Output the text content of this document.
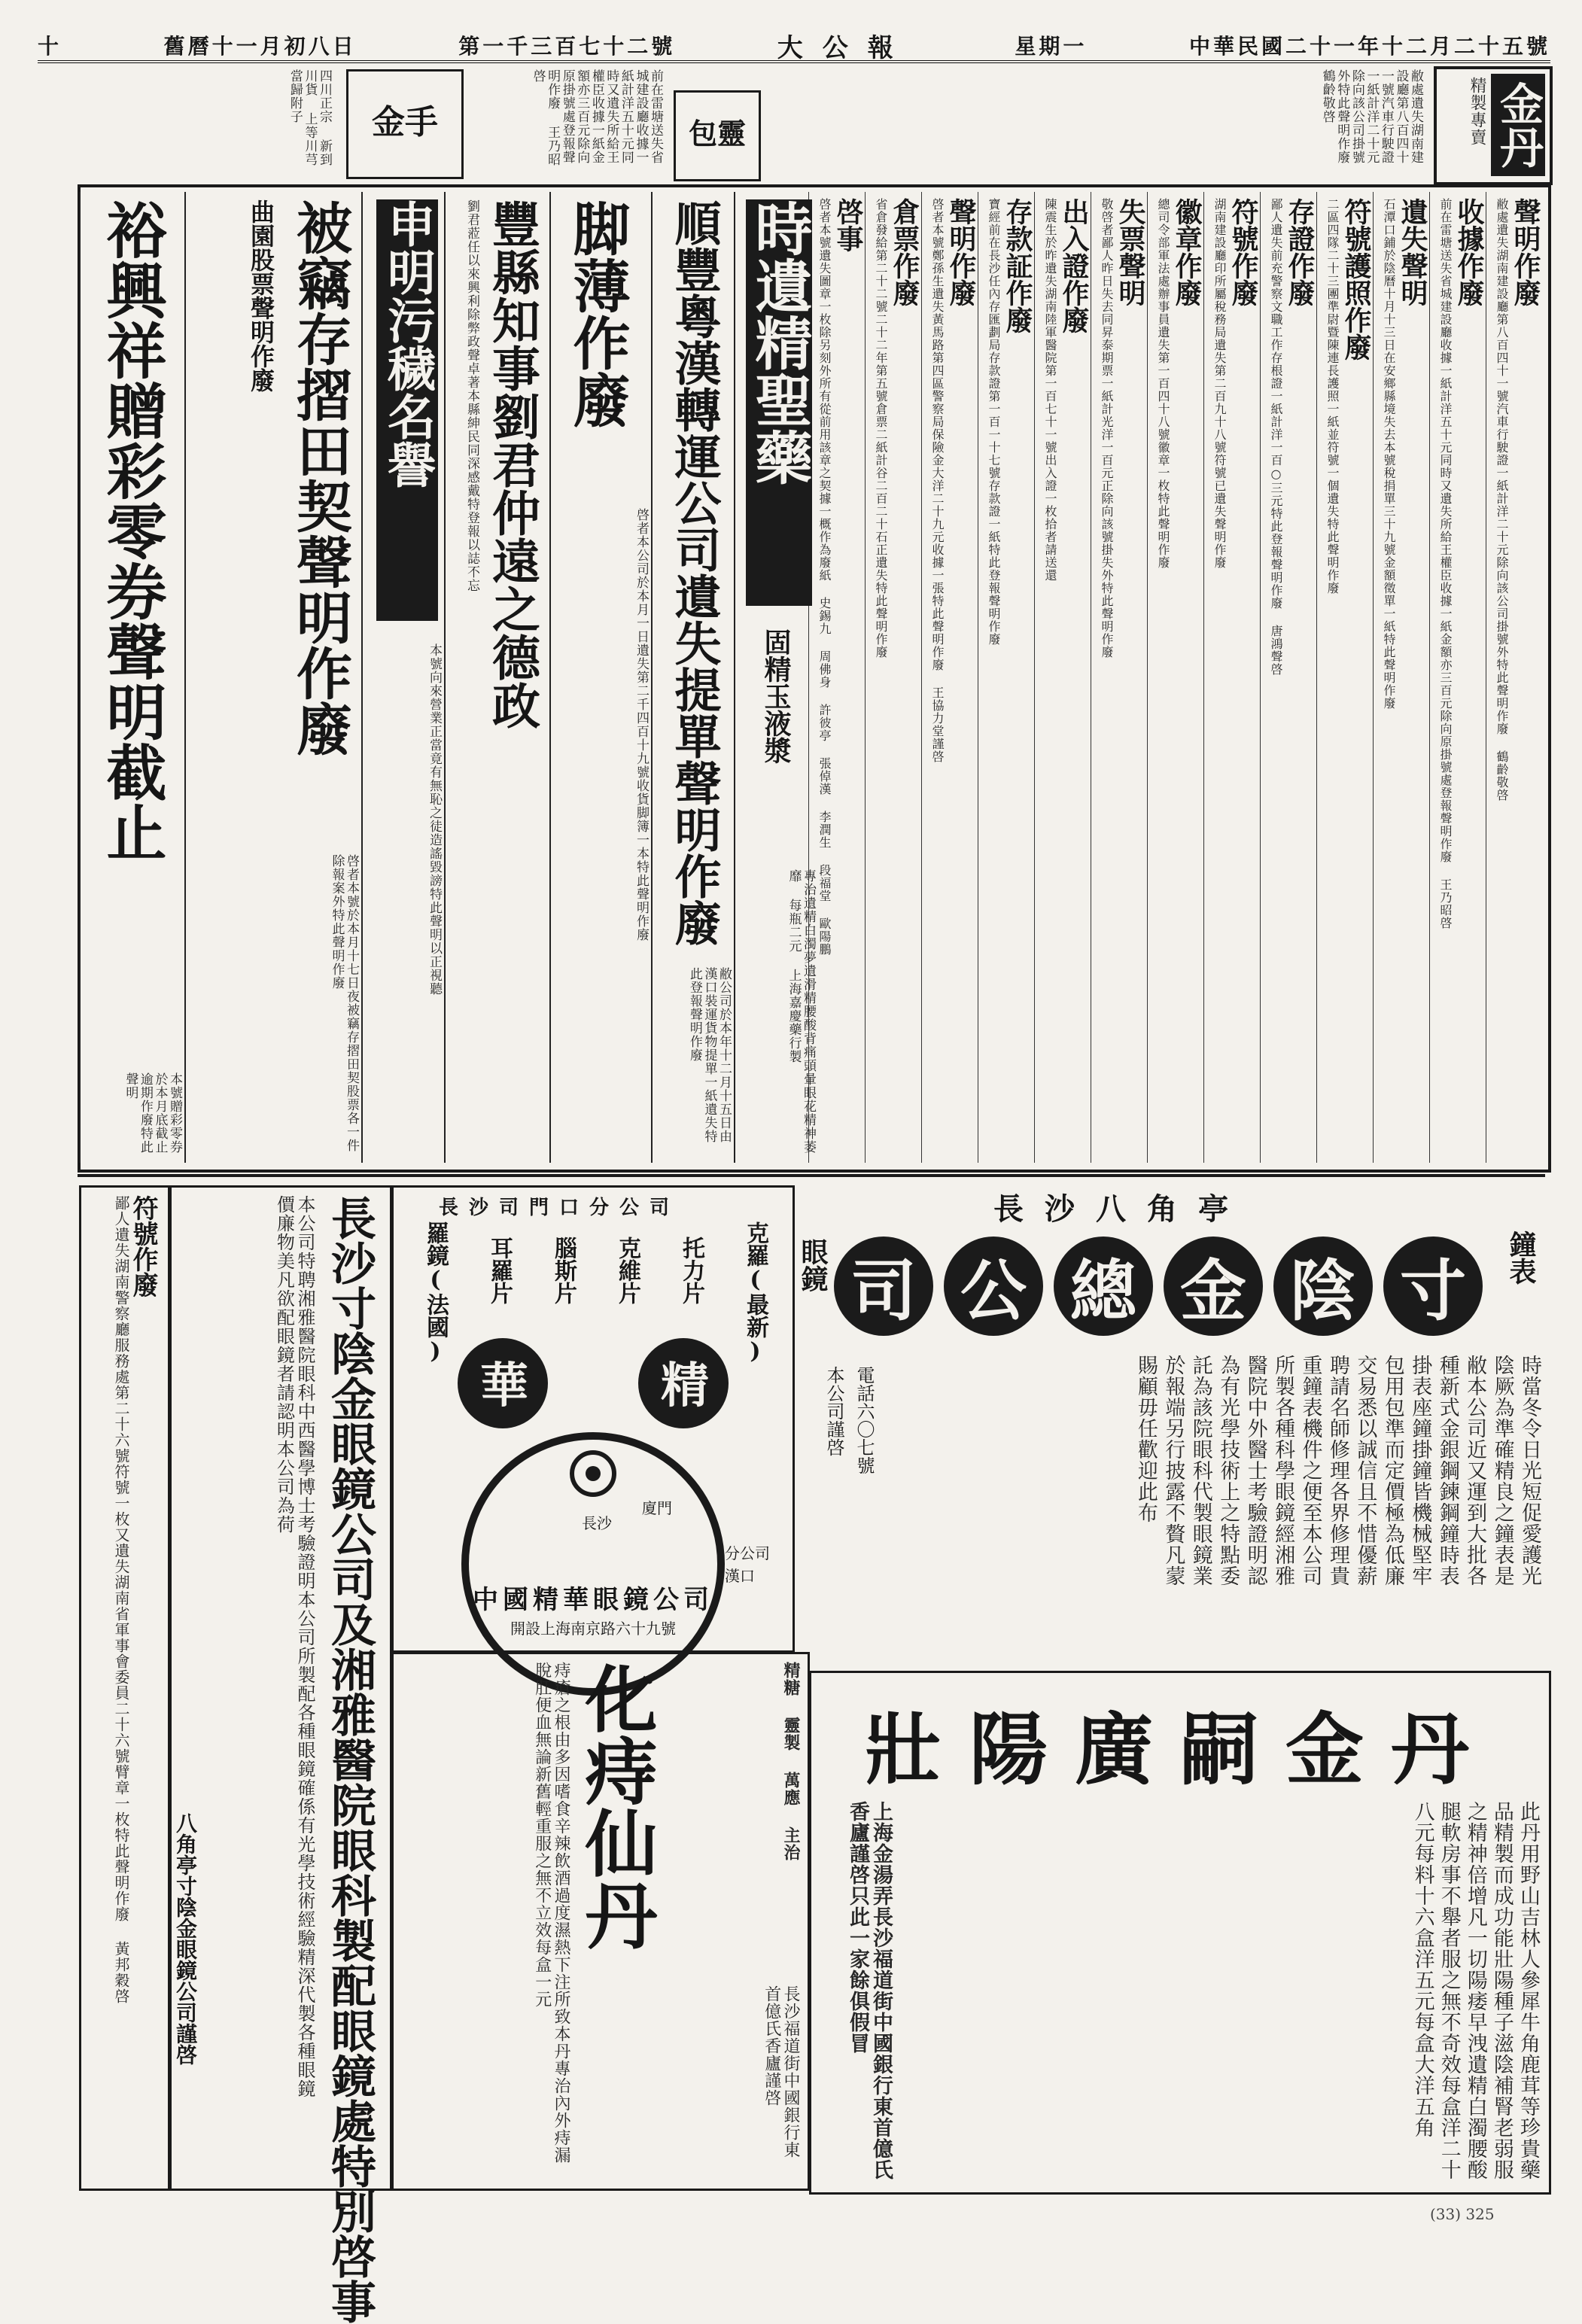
十	舊曆十一月初八日	第一千三百七十二號	大公報	星期一	中華民國二十一年十二月二十五號
金丹
精製專賣
敝處遺失湖南建設廳第八百四十一號汽車行駛證一紙計洋二十元除向該公司掛號外特此聲明作廢 鶴齡敬啓
包靈
前在雷塘送失省城建設廳收據一紙計洋五十元同時又遺失所給王權臣收據一紙金額亦三百元除向原掛號處登報聲明作廢 王乃昭啓
金手
四川正宗 新到川貨 上等川芎當歸附子
聲明作廢
敝處遺失湖南建設廳第八百四十一號汽車行駛證一紙計洋二十元除向該公司掛號外特此聲明作廢 鶴齡敬啓
收據作廢
前在雷塘送失省城建設廳收據一紙計洋五十元同時又遺失所給王權臣收據一紙金額亦三百元除向原掛號處登報聲明作廢 王乃昭啓
遺失聲明
石潭口鋪於陰曆十月十三日在安鄉縣境失去本號稅捐單三十九號金額徵單一紙特此聲明作廢
符號護照作廢
二區四隊二十三團準尉暨陳連長護照一紙並符號一個遺失特此聲明作廢
存證作廢
鄙人遺失前充警察文職工作存根證一紙計洋一百○三元特此登報聲明作廢 唐鴻聲啓
符號作廢
湖南建設廳印所屬稅務局遺失第二百九十八號符號已遺失聲明作廢
徽章作廢
總司令部軍法處辦事員遺失第一百四十八號徽章一枚特此聲明作廢
失票聲明
敬啓者鄙人昨日失去同昇泰期票一紙計光洋一百元正除向該號掛失外特此聲明作廢
出入證作廢
陳震生於昨遺失湖南陸軍醫院第一百七十一號出入證一枚拾者請送還
存款証作廢
寶經前在長沙任內存匯劃局存款證第一百一十七號存款證一紙特此登報聲明作廢
聲明作廢
啓者本號鄭孫生遺失黃馬路第四區警察局保險金大洋二十九元收據一張特此聲明作廢 王協力堂謹啓
倉票作廢
省倉發給第二十二號二十二年第五號倉票二紙計谷二百二十石正遺失特此聲明作廢
啓事
啓者本號遺失圖章一枚除另刻外所有從前用該章之契據一概作為廢紙 史錫九 周佛身 許彼亭 張倬漢 李潤生 段福堂 歐陽鵬
時遺精聖藥
固精玉液漿
專治遺精白濁夢遺滑精腰酸背痛頭暈眼花精神萎靡 每瓶二元 上海嘉慶藥行製
順豐粵漢轉運公司遺失提單聲明作廢
敝公司於本年十二月十五日由漢口裝運貨物提單一紙遺失特此登報聲明作廢
脚薄作廢
啓者本公司於本月一日遺失第二千四百十九號收貨脚簿一本特此聲明作廢
豐縣知事劉君仲遠之德政
劉君蒞任以來興利除弊政聲卓著本縣紳民同深感戴特登報以誌不忘
申明污穢名譽
本號向來營業正當竟有無恥之徒造謠毀謗特此聲明以正視聽
被竊存摺田契聲明作廢
曲園股票聲明作廢
啓者本號於本月十七日夜被竊存摺田契股票各一件除報案外特此聲明作廢
裕興祥贈彩零券聲明截止
本號贈彩零券於本月底截止逾期作廢特此聲明
長沙八角亭
鐘表
眼鏡	寸
陰
金
總
公
司
時當冬令日光短促愛護光陰厥為準確精良之鐘表是敝本公司近又運到大批各種新式金銀鋼鍊鋼鐘時表掛表座鐘掛鐘皆機械堅牢包用包準而定價極為低廉交易悉以誠信且不惜優薪聘請名師修理各界修理貴重鐘表機件之便至本公司所製各種科學眼鏡經湘雅醫院中外醫士考驗證明認為有光學技術上之特點委託為該院眼科代製眼鏡業於報端另行披露不贅凡蒙賜顧毋任歡迎此布
電話六〇七號
本公司謹啓
壯陽廣嗣金丹
此丹用野山吉林人參犀牛角鹿茸等珍貴藥品精製而成功能壯陽種子滋陰補腎老弱服之精神倍增凡一切陽痿早洩遺精白濁腰酸腿軟房事不舉者服之無不奇效每盒洋二十八元每料十六盒洋五元每盒大洋五角
上海金湯弄長沙福道街中國銀行東首億氏香廬謹啓只此一家餘俱假冒
長沙司門口分公司
克羅(最新)
托力片
克維片
腦斯片
耳羅片
羅鏡(法國)
華	精
中國精華眼鏡公司
開設上海南京路六十九號
分公司
漢口
長沙
廈門
化痔仙丹
痔瘡之根由多因嗜食辛辣飲酒過度濕熱下注所致本丹專治內外痔漏脫肛便血無論新舊輕重服之無不立效每盒一元	精糖 靈製 萬應 主治
長沙福道街中國銀行東首億氏香廬謹啓
長沙寸陰金眼鏡公司及湘雅醫院眼科製配眼鏡處特別啓事
本公司特聘湘雅醫院眼科中西醫學博士考驗證明本公司所製配各種眼鏡確係有光學技術經驗精深代製各種眼鏡價廉物美凡欲配眼鏡者請認明本公司為荷
八角亭寸陰金眼鏡公司謹啓
符號作廢
鄙人遺失湖南警察廳服務處第二十六號符號一枚又遺失湖南省軍事會委員二十六號臂章一枚特此聲明作廢 黃邦穀啓
(33) 325
